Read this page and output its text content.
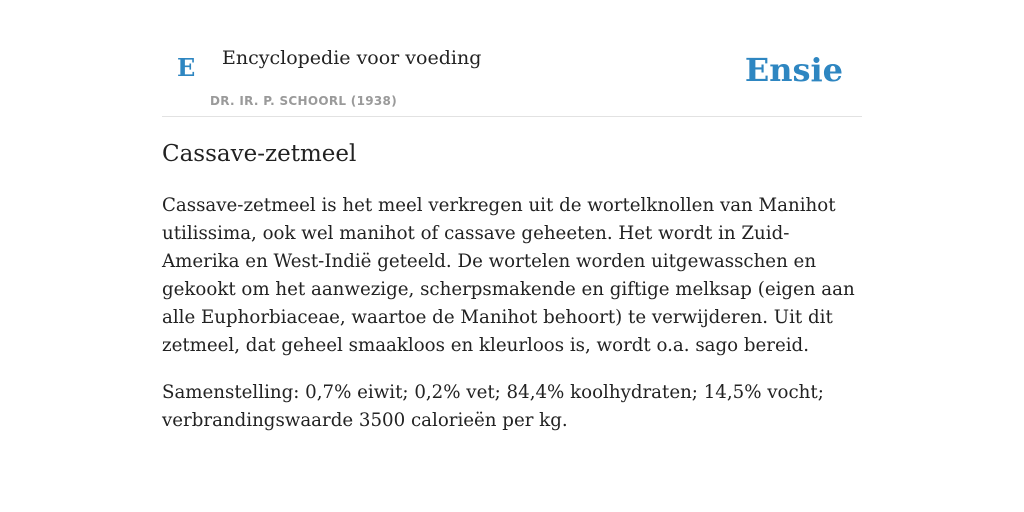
E Encyclopedie voor voeding
DR. IR. P. SCHOORL (1938)
Ensie
Cassave-zetmeel

Cassave-zetmeel is het meel verkregen uit de wortelknollen van Manihot utilissima, ook wel manihot of cassave geheeten. Het wordt in Zuid-Amerika en West-Indië geteeld. De wortelen worden uitgewasschen en gekookt om het aanwezige, scherpsmakende en giftige melksap (eigen aan alle Euphorbiaceae, waartoe de Manihot behoort) te verwijderen. Uit dit zetmeel, dat geheel smaakloos en kleurloos is, wordt o.a. sago bereid.

Samenstelling: 0,7% eiwit; 0,2% vet; 84,4% koolhydraten; 14,5% vocht; verbrandingswaarde 3500 calorieën per kg.
